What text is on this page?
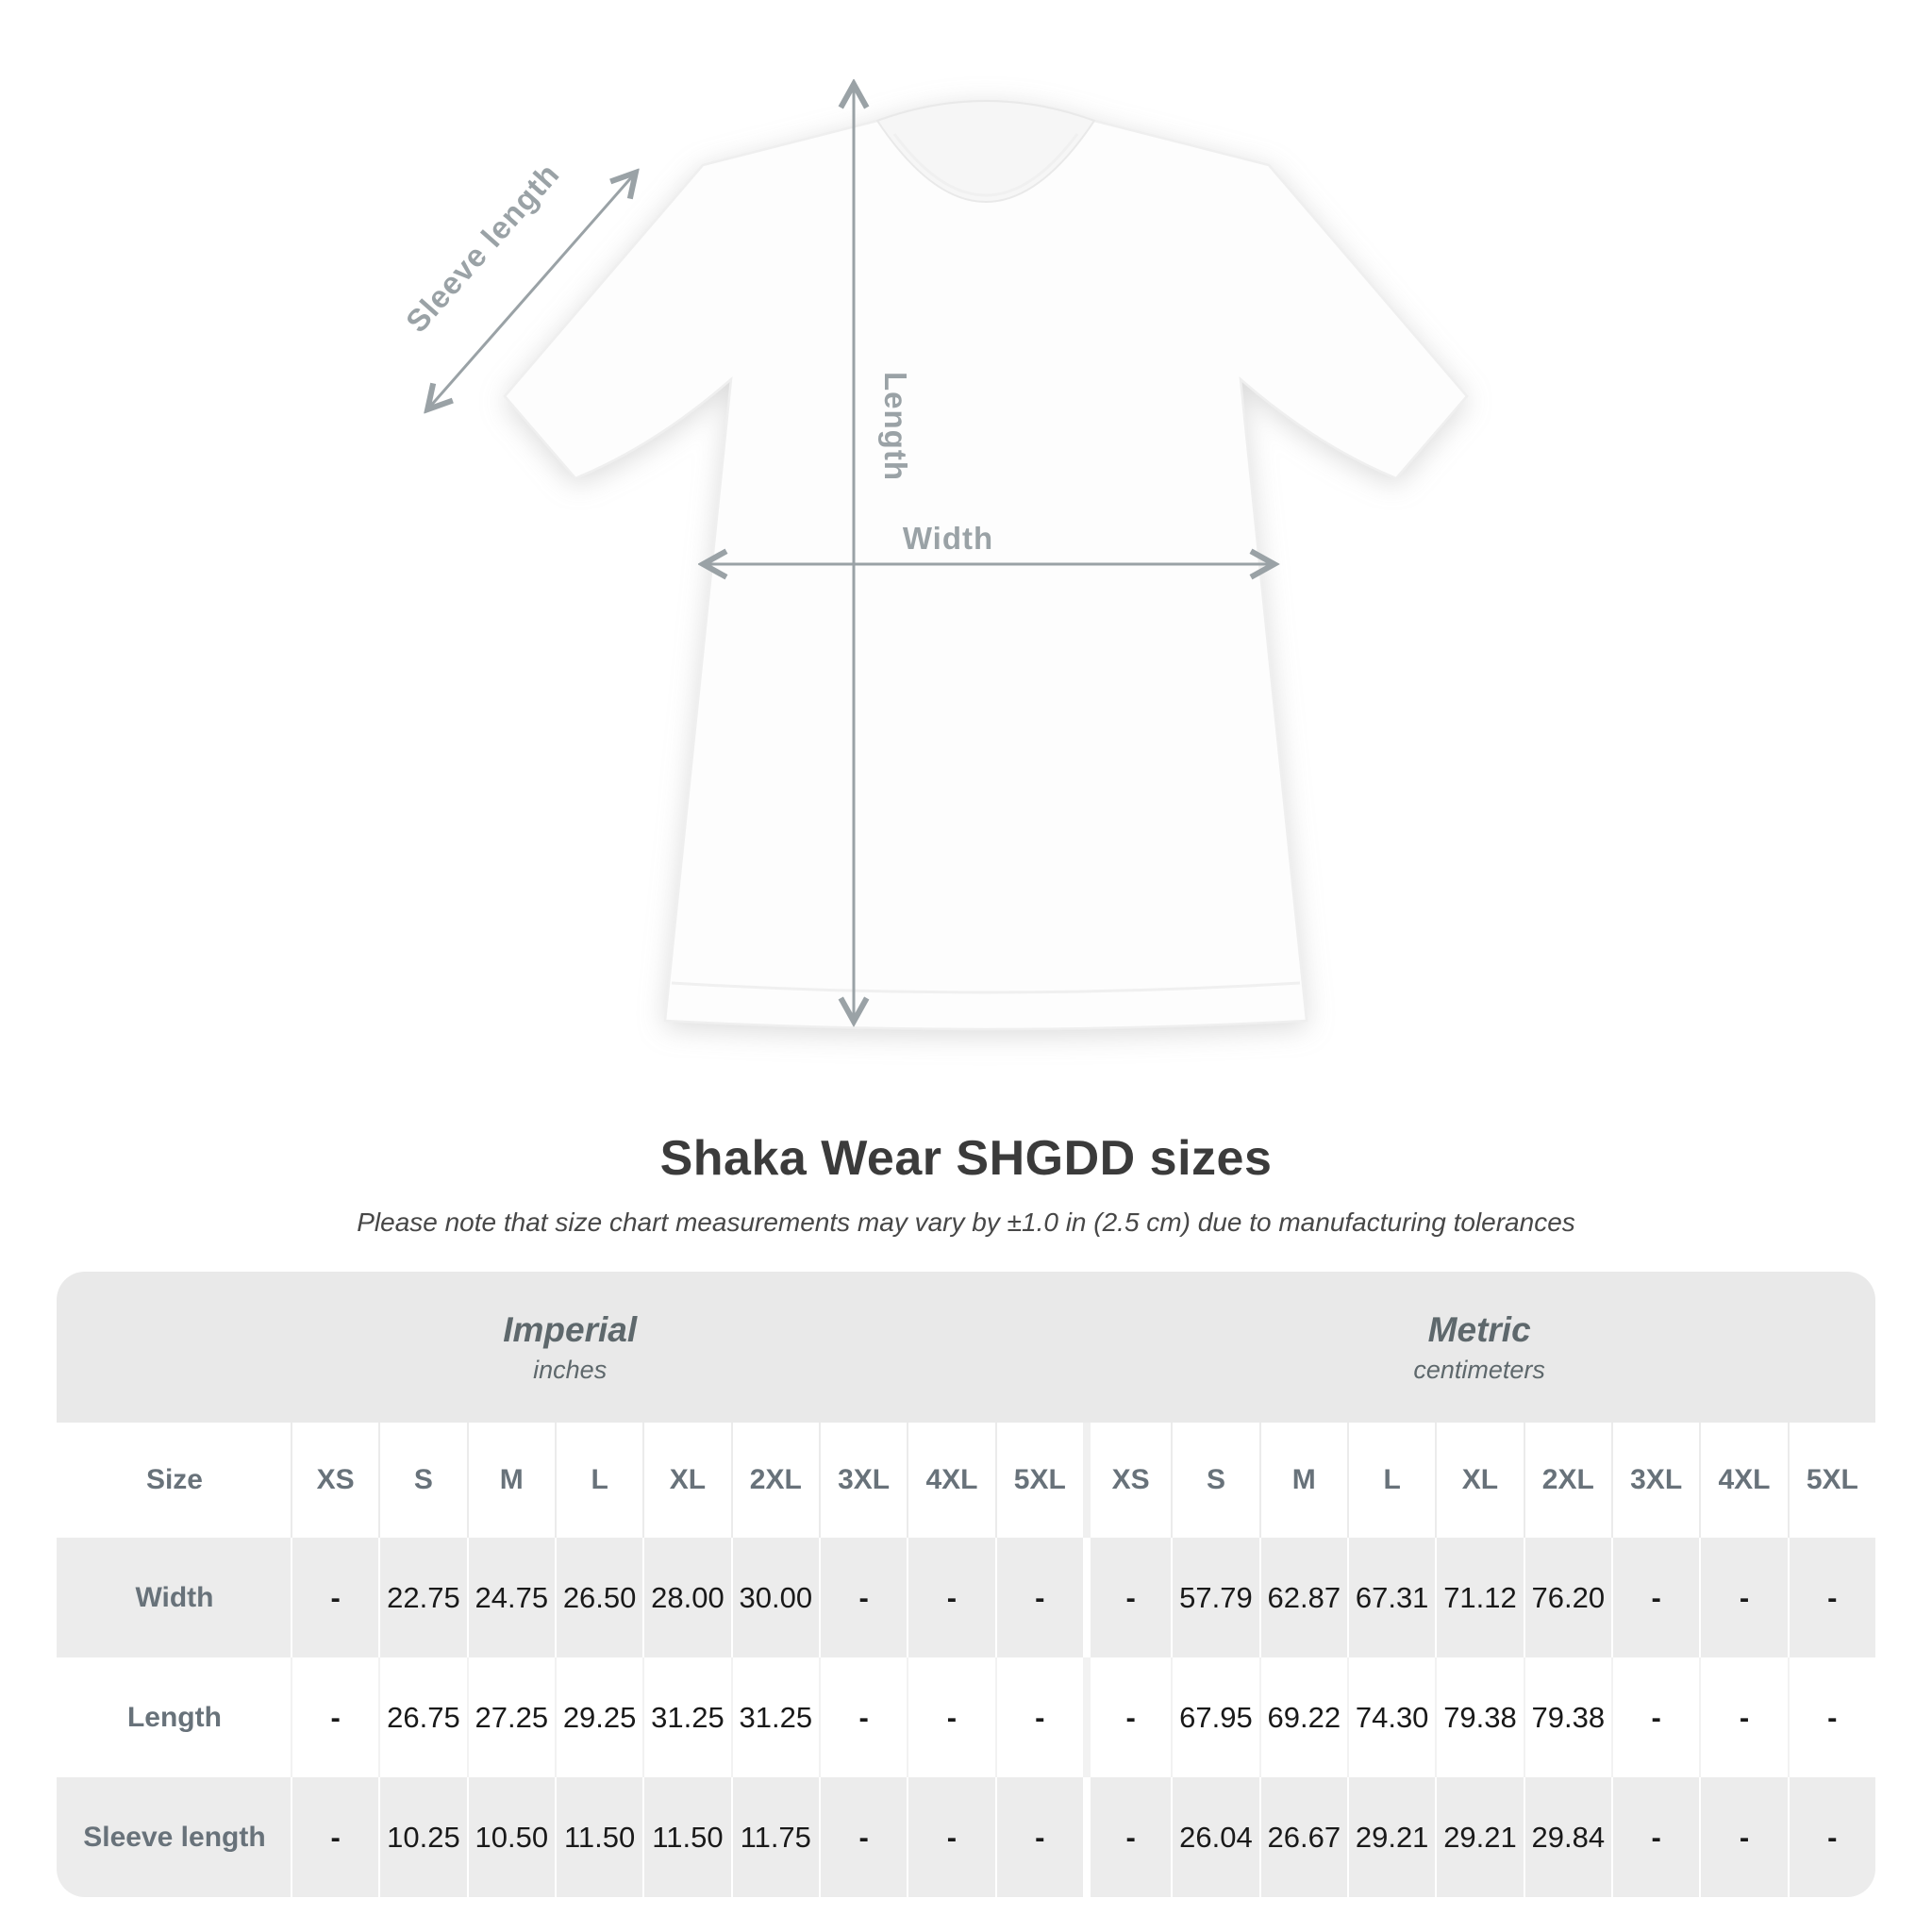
Sleeve length
Length
Width
Shaka Wear SHGDD sizes
Please note that size chart measurements may vary by ±1.0 in (2.5 cm) due to manufacturing tolerances
Imperial
inches
Metric
centimeters
Size	XS	S	M	L	XL	2XL	3XL	4XL	5XL	XS	S	M	L	XL	2XL	3XL	4XL	5XL
Width	-	22.75 24.75 26.50 28.00 30.00	-	-	-	-	57.79 62.87 67.31 71.12 76.20	-	-	-
Length	-	26.75 27.25 29.25 31.25 31.25	-	-	-	-	67.95 69.22 74.30 79.38 79.38	-	-	-
Sleeve length	-	10.25 10.50 11.50 11.50 11.75	-	-	-	-	26.04 26.67 29.21 29.21 29.84	-	-	-
